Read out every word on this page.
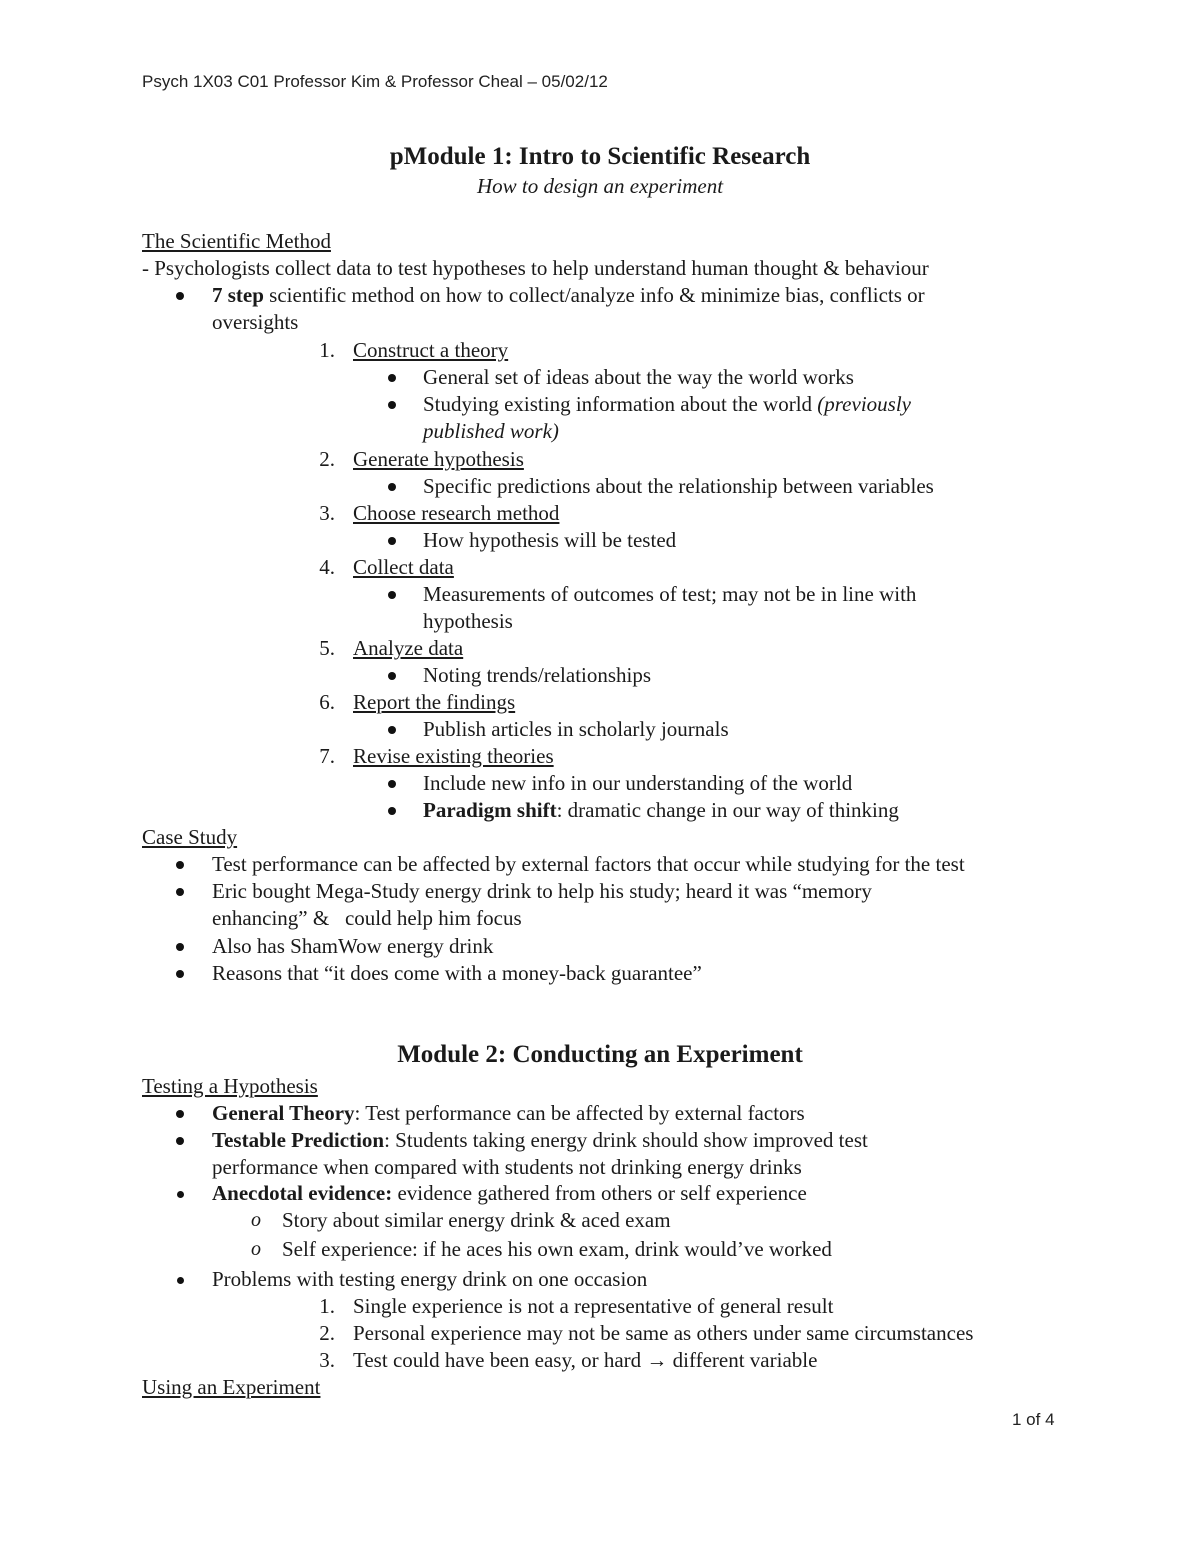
Psych 1X03 C01 Professor Kim & Professor Cheal – 05/02/12
1 of 4
pModule 1: Intro to Scientific Research
How to design an experiment
The Scientific Method
- Psychologists collect data to test hypotheses to help understand human thought & behaviour
7 step scientific method on how to collect/analyze info & minimize bias, conflicts or
oversights
1. Construct a theory
General set of ideas about the way the world works
Studying existing information about the world (previously
published work)
2. Generate hypothesis
Specific predictions about the relationship between variables
3. Choose research method
How hypothesis will be tested
4. Collect data
Measurements of outcomes of test; may not be in line with
hypothesis
5. Analyze data
Noting trends/relationships
6. Report the findings
Publish articles in scholarly journals
7. Revise existing theories
Include new info in our understanding of the world
Paradigm shift: dramatic change in our way of thinking
Case Study
Test performance can be affected by external factors that occur while studying for the test
Eric bought Mega-Study energy drink to help his study; heard it was “memory
enhancing” &   could help him focus
Also has ShamWow energy drink
Reasons that “it does come with a money-back guarantee”
Module 2: Conducting an Experiment
Testing a Hypothesis
General Theory: Test performance can be affected by external factors
Testable Prediction: Students taking energy drink should show improved test
performance when compared with students not drinking energy drinks
Anecdotal evidence: evidence gathered from others or self experience
o Story about similar energy drink & aced exam
o Self experience: if he aces his own exam, drink would’ve worked
Problems with testing energy drink on one occasion
1. Single experience is not a representative of general result
2. Personal experience may not be same as others under same circumstances
3. Test could have been easy, or hard → different variable
Using an Experiment
